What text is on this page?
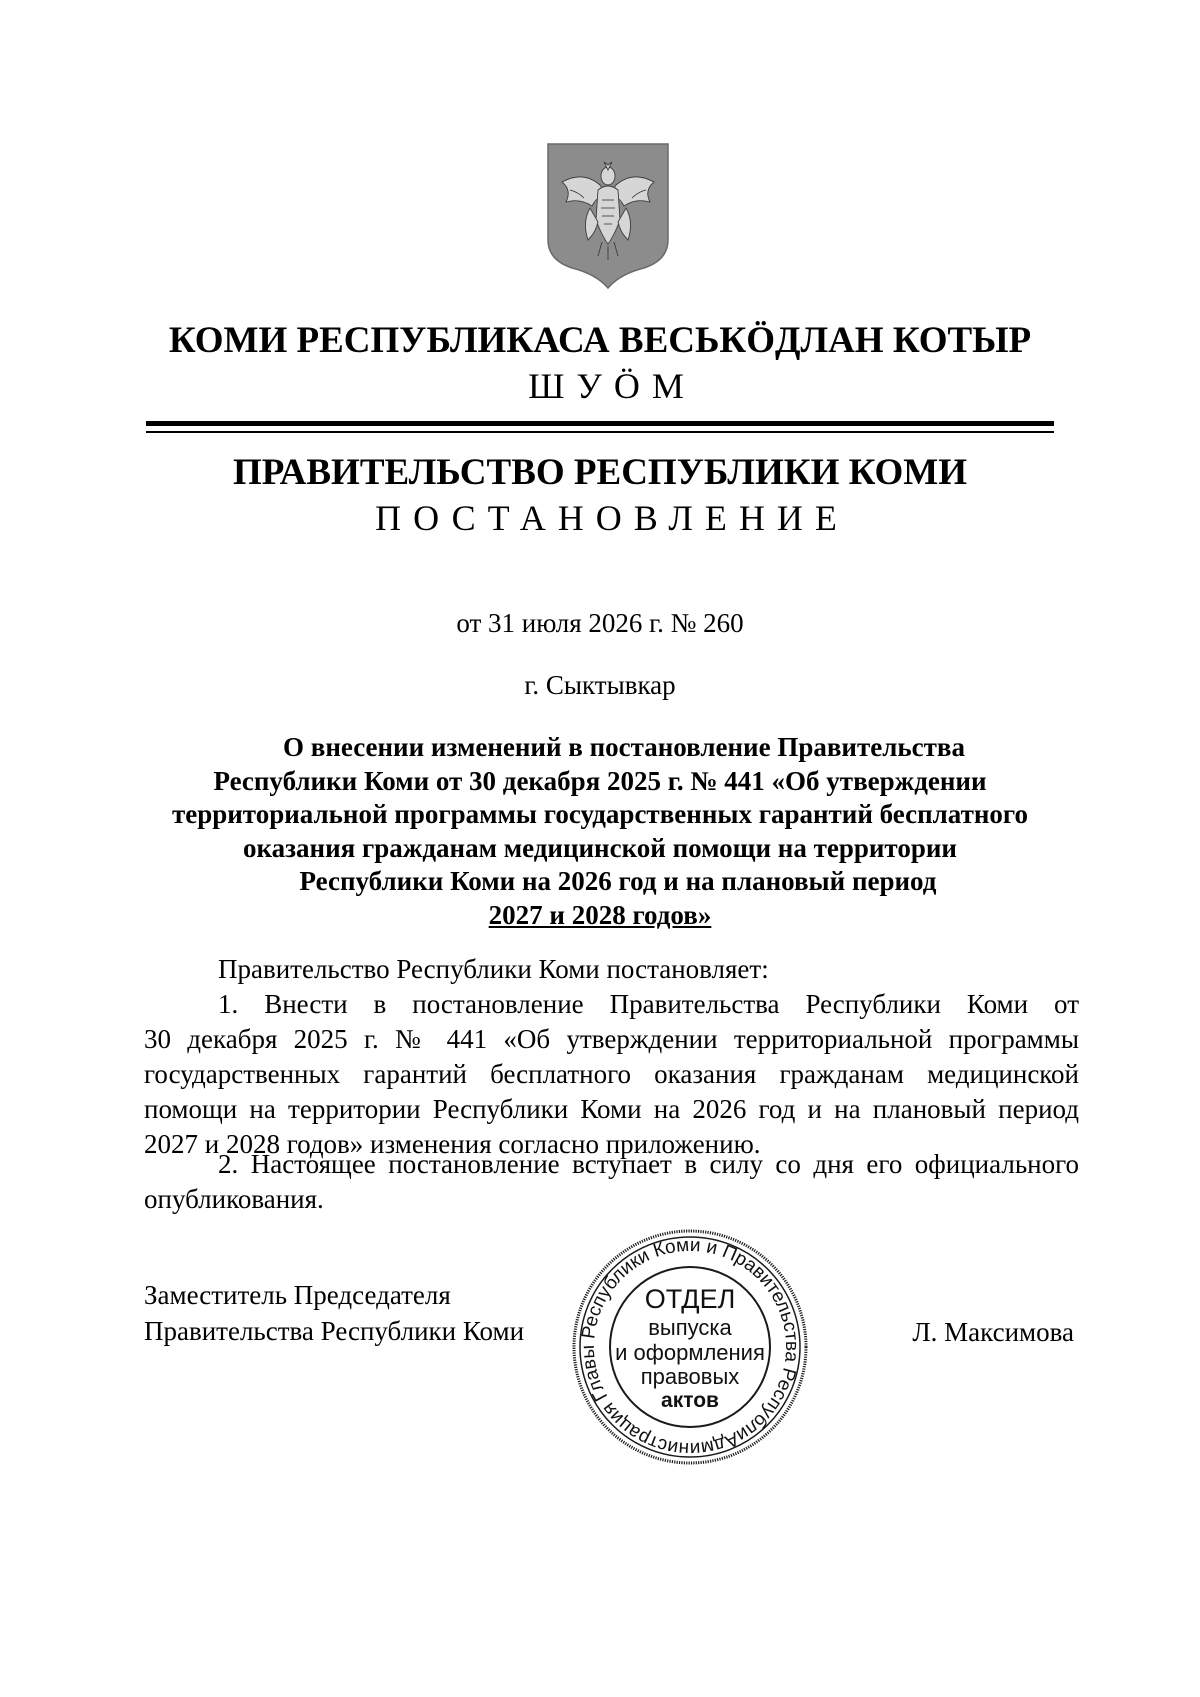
КОМИ РЕСПУБЛИКАСА ВЕСЬКӦДЛАН КОТЫР
ШУӦМ
ПРАВИТЕЛЬСТВО РЕСПУБЛИКИ КОМИ
ПОСТАНОВЛЕНИЕ
от 31 июля 2026 г. № 260
г. Сыктывкар
О внесении изменений в постановление Правительства
Республики Коми от 30 декабря 2025 г. № 441 «Об утверждении
территориальной программы государственных гарантий бесплатного
оказания гражданам медицинской помощи на территории
Республики Коми на 2026 год и на плановый период
2027 и 2028 годов»
Правительство Республики Коми постановляет:
1. Внести в постановление Правительства Республики Коми от
30 декабря 2025 г. № 441 «Об утверждении территориальной программы
государственных гарантий бесплатного оказания гражданам медицинской
помощи на территории Республики Коми на 2026 год и на плановый период
2027 и 2028 годов» изменения согласно приложению.
2. Настоящее постановление вступает в силу со дня его официального
опубликования.
Заместитель Председателя
Правительства Республики Коми	Л. Максимова
Администрация Главы Республики Коми и Правительства Республики
ОТДЕЛ
выпуска
и оформления
правовых
актов
